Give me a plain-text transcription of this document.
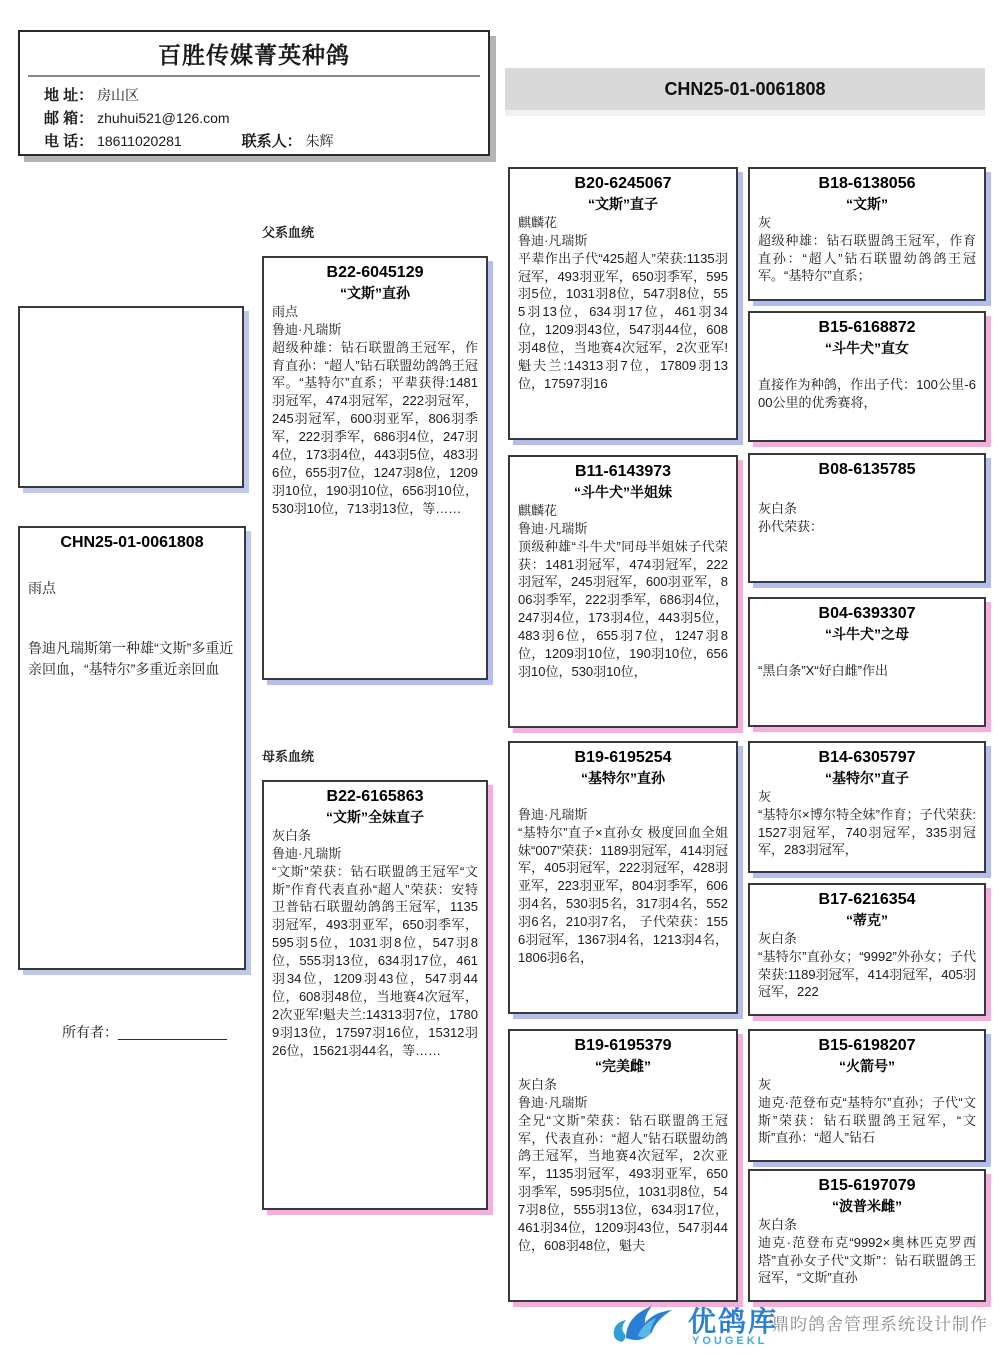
百胜传媒菁英种鸽
地 址： 房山区
邮 箱： zhuhui521@126.com
电 话： 18611020281	联系人： 朱辉
CHN25-01-0061808
CHN25-01-0061808
雨点
鲁迪凡瑞斯第一种雄“文斯”多重近亲回血，“基特尔”多重近亲回血
所有者：______________
父系血统
母系血统
B22-6045129
“文斯”直孙
雨点
鲁迪·凡瑞斯
超级种雄：钻石联盟鸽王冠军，作育直孙：“超人”钻石联盟幼鸽鸽王冠军。“基特尔”直系；平辈获得:1481羽冠军，474羽冠军，222羽冠军，245羽冠军，600羽亚军，806羽季军，222羽季军，686羽4位，247羽4位，173羽4位，443羽5位，483羽6位，655羽7位，1247羽8位，1209羽10位，190羽10位，656羽10位，530羽10位，713羽13位，等……
B22-6165863
“文斯”全妹直子
灰白条
鲁迪·凡瑞斯
“文斯”荣获：钻石联盟鸽王冠军“文斯”作育代表直孙“超人”荣获：安特卫普钻石联盟幼鸽鸽王冠军，1135羽冠军，493羽亚军，650羽季军，595羽5位，1031羽8位，547羽8位，555羽13位，634羽17位，461羽34位，1209羽43位，547羽44位，608羽48位，当地赛4次冠军，2次亚军!魁夫兰:14313羽7位，17809羽13位，17597羽16位，15312羽26位，15621羽44名，等……
B20-6245067
“文斯”直子
麒麟花
鲁迪·凡瑞斯
平辈作出子代“425超人”荣获:1135羽冠军，493羽亚军，650羽季军，595羽5位，1031羽8位，547羽8位，555羽13位，634羽17位，461羽34位，1209羽43位，547羽44位，608羽48位，当地赛4次冠军，2次亚军!魁夫兰:14313羽7位，17809羽13位，17597羽16
B11-6143973
“斗牛犬”半姐妹
麒麟花
鲁迪·凡瑞斯
顶级种雄“斗牛犬”同母半姐妹子代荣获：1481羽冠军，474羽冠军，222羽冠军，245羽冠军，600羽亚军，806羽季军，222羽季军，686羽4位，247羽4位，173羽4位，443羽5位，483羽6位，655羽7位，1247羽8位，1209羽10位，190羽10位，656羽10位，530羽10位，
B19-6195254
“基特尔”直孙
鲁迪·凡瑞斯
“基特尔”直子×直孙女 极度回血全姐妹“007”荣获：1189羽冠军，414羽冠军，405羽冠军，222羽冠军，428羽亚军，223羽亚军，804羽季军，606羽4名，530羽5名，317羽4名，552羽6名，210羽7名， 子代荣获：1556羽冠军，1367羽4名，1213羽4名，1806羽6名，
B19-6195379
“完美雌”
灰白条
鲁迪·凡瑞斯
全兄“文斯”荣获：钻石联盟鸽王冠军，代表直孙：“超人”钻石联盟幼鸽鸽王冠军，当地赛4次冠军，2次亚军，1135羽冠军，493羽亚军，650羽季军，595羽5位，1031羽8位，547羽8位，555羽13位，634羽17位，461羽34位，1209羽43位，547羽44位，608羽48位，魁夫
B18-6138056
“文斯”
灰
超级种雄：钻石联盟鸽王冠军，作育直孙：“超人”钻石联盟幼鸽鸽王冠军。“基特尔”直系；
B15-6168872
“斗牛犬”直女
直接作为种鸽，作出子代：100公里-600公里的优秀赛将，
B08-6135785
灰白条
孙代荣获：
B04-6393307
“斗牛犬”之母
“黑白条”X“好白雌”作出
B14-6305797
“基特尔”直子
灰
“基特尔×博尔特全妹”作育；子代荣获:1527羽冠军，740羽冠军，335羽冠军，283羽冠军，
B17-6216354
“蒂克”
灰白条
“基特尔”直孙女；“9992”外孙女；子代荣获:1189羽冠军，414羽冠军，405羽冠军，222
B15-6198207
“火箭号”
灰
迪克·范登布克“基特尔”直孙；子代“文斯”荣获：钻石联盟鸽王冠军，“文斯”直孙：“超人”钻石
B15-6197079
“波普米雌”
灰白条
迪克·范登布克“9992×奥林匹克罗西塔”直孙女子代“文斯”：钻石联盟鸽王冠军，“文斯”直孙
优鸽库
YOUGEKL
鼎昀鸽舍管理系统设计制作
